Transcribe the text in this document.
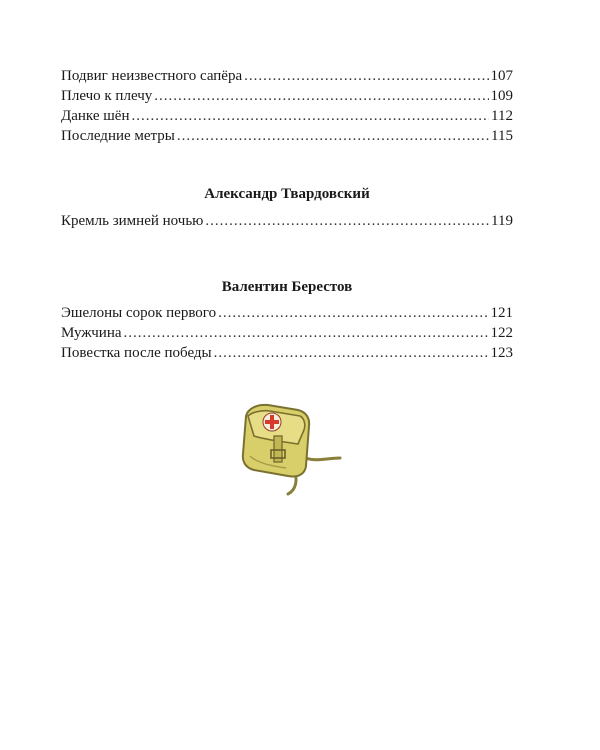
Подвиг неизвестного сапёра .....	107
Плечо к плечу .....	109
Данке шён .....	112
Последние метры .....	115
Александр Твардовский
Кремль зимней ночью .....	119
Валентин Берестов
Эшелоны сорок первого .....	121
Мужчина .....	122
Повестка после победы .....	123
